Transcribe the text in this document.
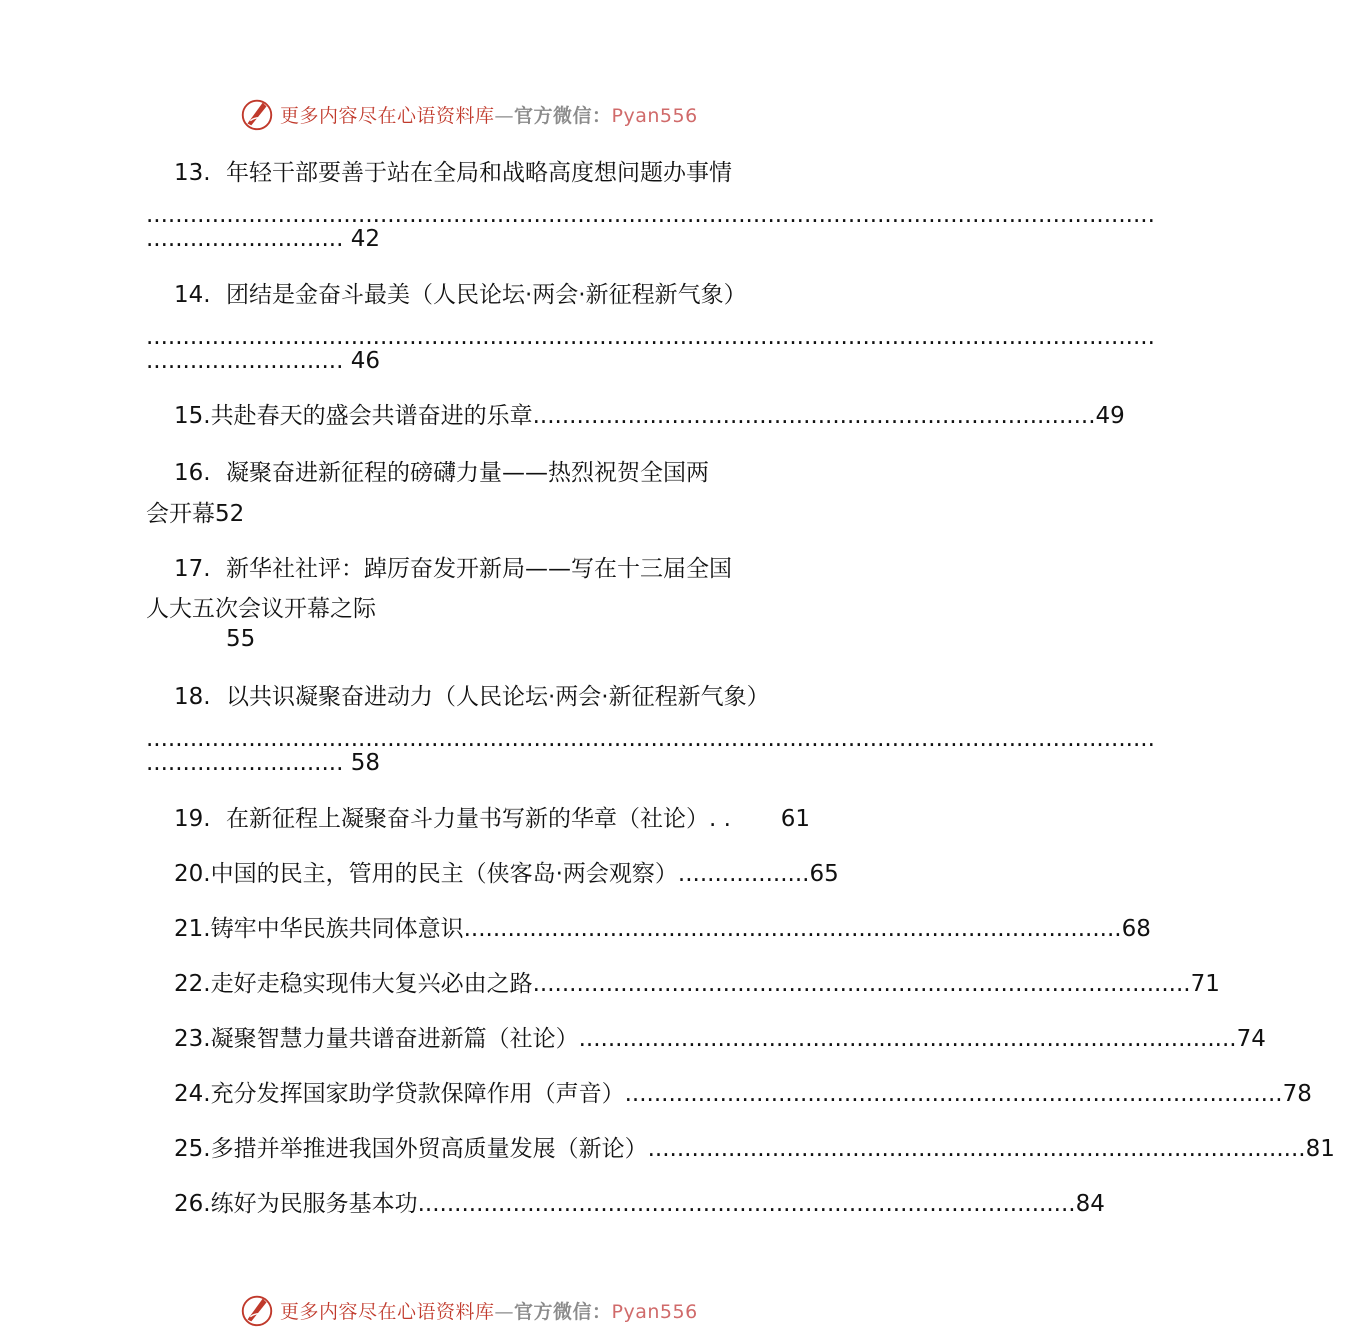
更多内容尽在心语资料库—官方微信：Pyan556
13. 年轻干部要善于站在全局和战略高度想问题办事情
..........................................................................................................................................
........................... 42
14. 团结是金奋斗最美（人民论坛·两会·新征程新气象）
..........................................................................................................................................
........................... 46
15. 共赴春天的盛会共谱奋进的乐章 ............................................................................. 49
16. 凝聚奋进新征程的磅礴力量——热烈祝贺全国两
会开幕52
17. 新华社社评：踔厉奋发开新局——写在十三届全国
人大五次会议开幕之际
55
18. 以共识凝聚奋进动力（人民论坛·两会·新征程新气象）
..........................................................................................................................................
........................... 58
19. 在新征程上凝聚奋斗力量书写新的华章（社论） . .	61
20. 中国的民主，管用的民主（侠客岛·两会观察） .................. 65
21. 铸牢中华民族共同体意识 .......................................................................................... 68
22. 走好走稳实现伟大复兴必由之路 .......................................................................................... 71
23. 凝聚智慧力量共谱奋进新篇（社论） .......................................................................................... 74
24. 充分发挥国家助学贷款保障作用（声音） .......................................................................................... 78
25. 多措并举推进我国外贸高质量发展（新论） .......................................................................................... 81
26. 练好为民服务基本功 .......................................................................................... 84
更多内容尽在心语资料库—官方微信：Pyan556
